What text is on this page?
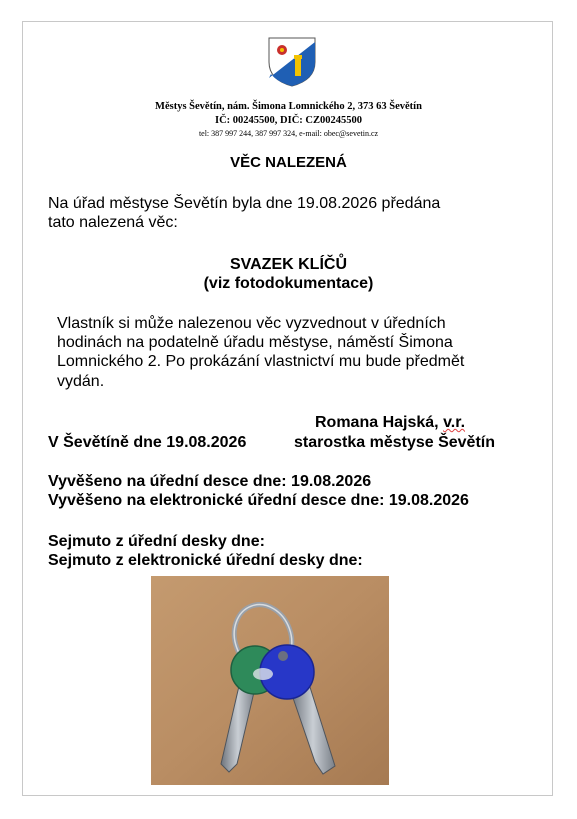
Městys Ševětín, nám. Šimona Lomnického 2, 373 63 Ševětín
IČ: 00245500, DIČ: CZ00245500
tel: 387 997 244, 387 997 324, e-mail: obec@sevetin.cz
VĚC NALEZENÁ
Na úřad městyse Ševětín byla dne 19.08.2026 předána
tato nalezená věc:
SVAZEK KLÍČŮ
(viz fotodokumentace)
Vlastník si může nalezenou věc vyzvednout v úředních
hodinách na podatelně úřadu městyse, náměstí Šimona
Lomnického 2. Po prokázání vlastnictví mu bude předmět
vydán.
Romana Hajská, v.r.
V Ševětíně dne 19.08.2026	starostka městyse Ševětín
Vyvěšeno na úřední desce dne: 19.08.2026
Vyvěšeno na elektronické úřední desce dne: 19.08.2026
Sejmuto z úřední desky dne:
Sejmuto z elektronické úřední desky dne:
